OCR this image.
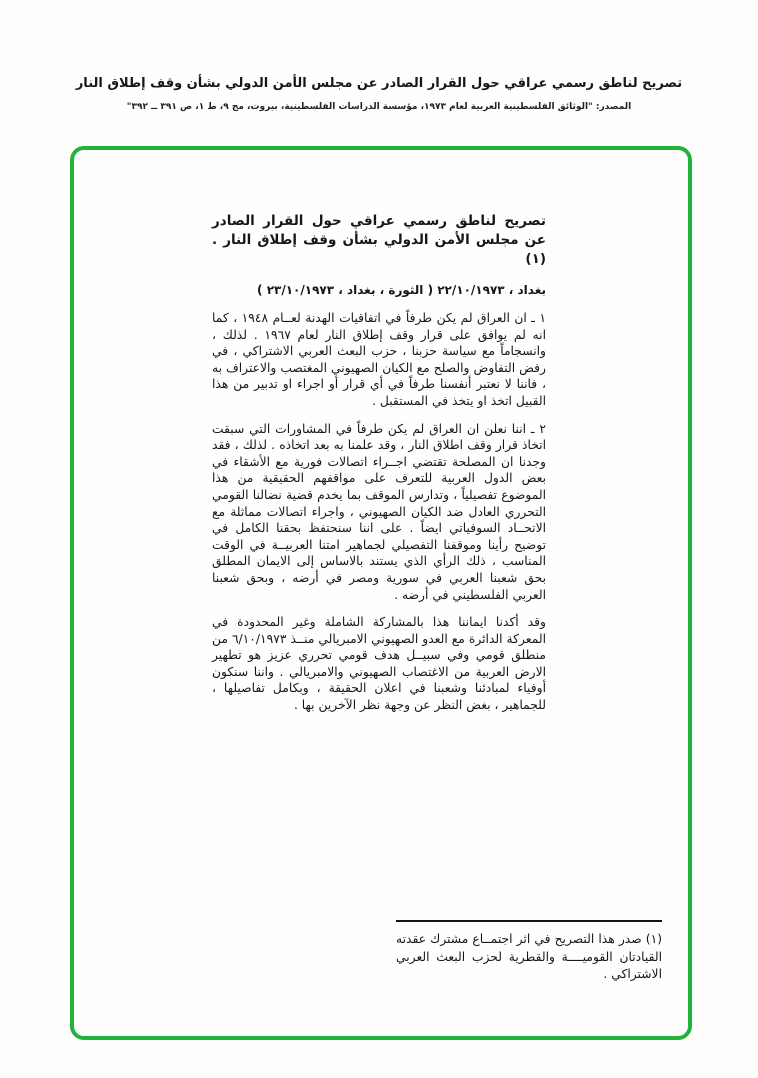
تصريح لناطق رسمي عراقي حول القرار الصادر عن مجلس الأمن الدولي بشأن وقف إطلاق النار
المصدر: "الوثائق الفلسطينية العربية لعام ١٩٧٣، مؤسسة الدراسات الفلسطينية، بيروت، مج ٩، ط ١، ص ٣٩١ ــ ٣٩٢"
تصريح لناطق رسمي عراقي حول القرار الصادر عن مجلس الأمن الدولي بشأن وقف إطلاق النار . (١)
بغداد ، ٢٢/١٠/١٩٧٣ ( الثورة ، بغداد ، ٢٣/١٠/١٩٧٣ )

١ ـ ان العراق لم يكن طرفاً في اتفاقيات الهدنة لعــام ١٩٤٨ ، كما انه لم يوافق على قرار وقف إطلاق النار لعام ١٩٦٧ . لذلك ، وانسجاماً مع سياسة حزبنا ، حزب البعث العربي الاشتراكي ، في رفض التفاوض والصلح مع الكيان الصهيوني المغتصب والاعتراف به ، فاننا لا نعتبر أنفسنا طرفاً في أي قرار أو اجراء او تدبير من هذا القبيل اتخذ او يتخذ في المستقبل .

٢ ـ اننا نعلن ان العراق لم يكن طرفاً في المشاورات التي سبقت اتخاذ قرار وقف اطلاق النار ، وقد علمنا به بعد اتخاذه . لذلك ، فقد وجدنا ان المصلحة تقتضي اجــراء اتصالات فورية مع الأشقاء في بعض الدول العربية للتعرف على مواقفهم الحقيقية من هذا الموضوع تفصيلياً ، وتدارس الموقف بما يخدم قضية نضالنا القومي التحرري العادل ضد الكيان الصهيوني ، واجراء اتصالات مماثلة مع الاتحــاد السوفياتي ايضاً . على اننا سنحتفظ بحقنا الكامل في توضيح رأينا وموقفنا التفصيلي لجماهير امتنا العربيــة في الوقت المناسب ، ذلك الرأي الذي يستند بالاساس إلى الايمان المطلق بحق شعبنا العربي في سورية ومصر في أرضه ، وبحق شعبنا العربي الفلسطيني في أرضه .

وقد أكدنا ايماننا هذا بالمشاركة الشاملة وغير المحدودة في المعركة الدائرة مع العدو الصهيوني الامبريالي منــذ ٦/١٠/١٩٧٣ من منطلق قومي وفي سبيــل هدف قومي تحرري عزيز هو تطهير الارض العربية من الاغتصاب الصهيوني والامبريالي . واننا سنكون أوفياء لمبادئنا وشعبنا في اعلان الحقيقة ، وبكامل تفاصيلها ، للجماهير ، بغض النظر عن وجهة نظر الآخرين بها .

(١) صدر هذا التصريح في اثر اجتمــاع مشترك عقدته القيادتان القوميــــة والقطرية لحزب البعث العربي الاشتراكي .
